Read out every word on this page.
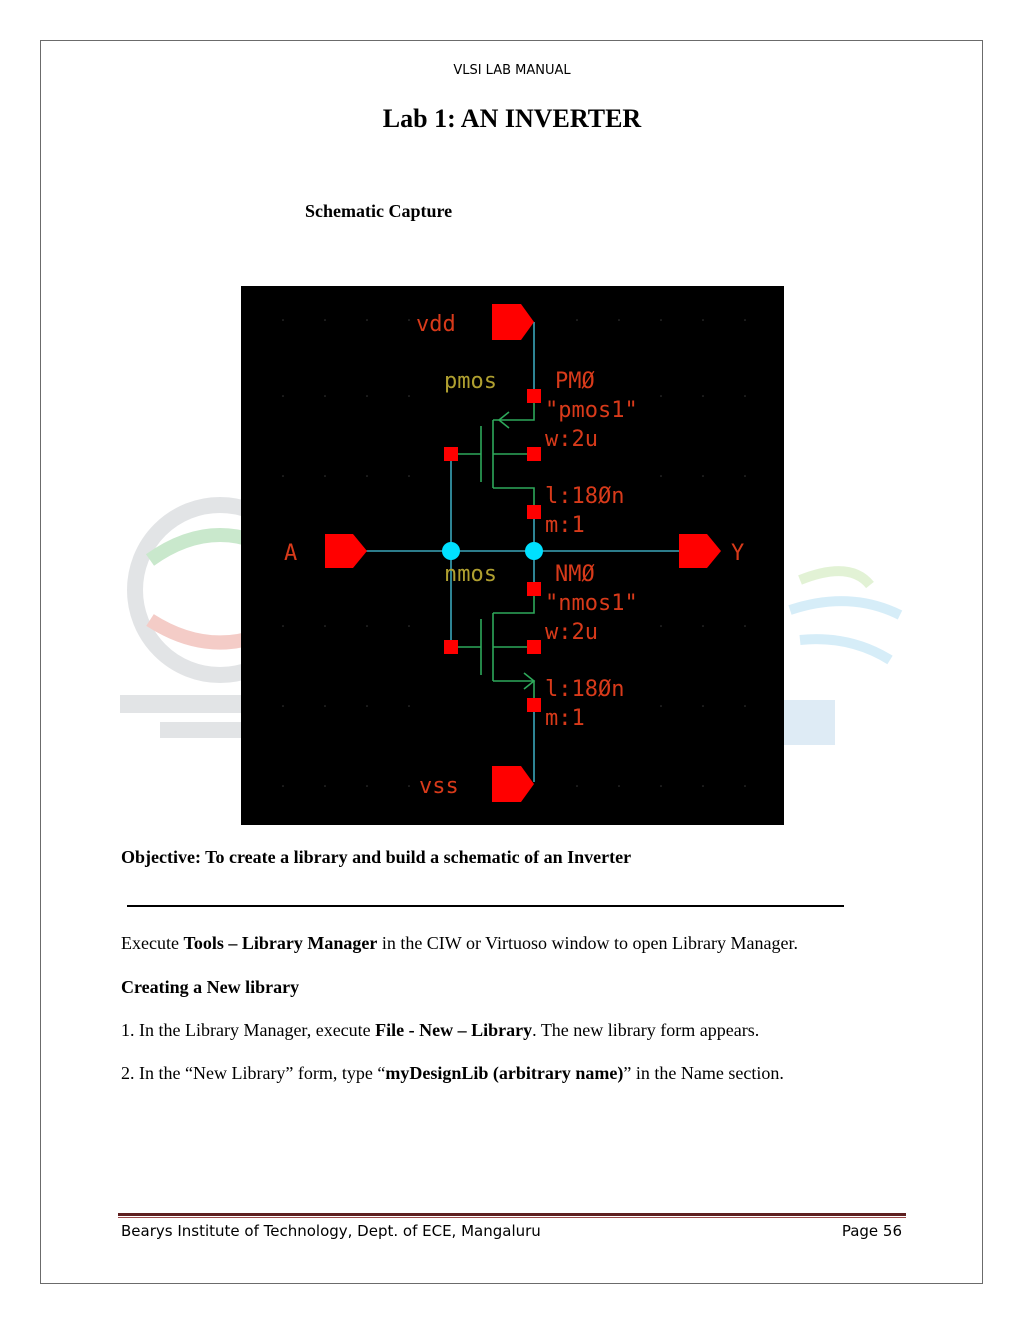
VLSI LAB MANUAL
Lab 1: AN INVERTER
Schematic Capture
vdd
vss
A	Y
pmos	PMØ
"pmos1"
w:2u
l:18Øn
m:1
nmos	NMØ
"nmos1"
w:2u
l:18Øn
m:1
Objective: To create a library and build a schematic of an Inverter
Execute Tools – Library Manager in the CIW or Virtuoso window to open Library Manager.
Creating a New library
1. In the Library Manager, execute File - New – Library. The new library form appears.
2. In the “New Library” form, type “myDesignLib (arbitrary name)” in the Name section.
Bearys Institute of Technology, Dept. of ECE, Mangaluru	Page 56
